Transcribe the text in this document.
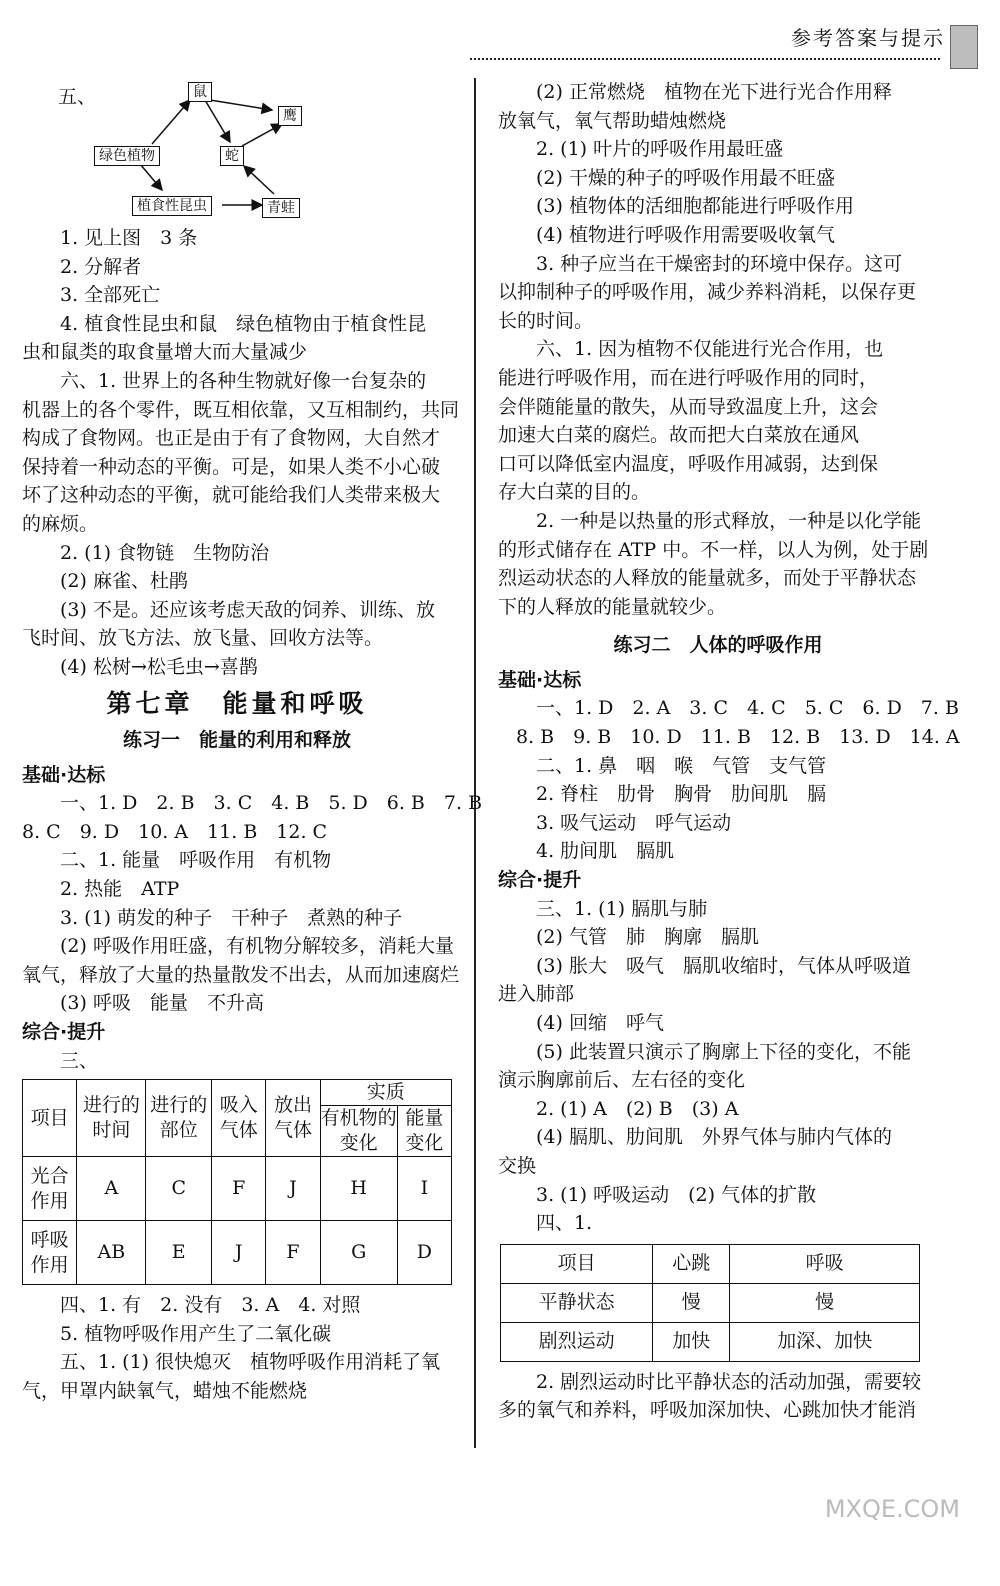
参考答案与提示
五、	鼠
鹰
蛇
绿色植物
植食性昆虫	青蛙
1. 见上图　3 条
2. 分解者
3. 全部死亡
4. 植食性昆虫和鼠　绿色植物由于植食性昆
虫和鼠类的取食量增大而大量减少
六、1. 世界上的各种生物就好像一台复杂的
机器上的各个零件，既互相依靠，又互相制约，共同
构成了食物网。也正是由于有了食物网，大自然才
保持着一种动态的平衡。可是，如果人类不小心破
坏了这种动态的平衡，就可能给我们人类带来极大
的麻烦。
2. (1) 食物链　生物防治
(2) 麻雀、杜鹃
(3) 不是。还应该考虑天敌的饲养、训练、放
飞时间、放飞方法、放飞量、回收方法等。
(4) 松树→松毛虫→喜鹊
第七章　能量和呼吸
练习一　能量的利用和释放
基础·达标
一、1. D　2. B　3. C　4. B　5. D　6. B　7. B
8. C　9. D　10. A　11. B　12. C
二、1. 能量　呼吸作用　有机物
2. 热能　ATP
3. (1) 萌发的种子　干种子　煮熟的种子
(2) 呼吸作用旺盛，有机物分解较多，消耗大量
氧气，释放了大量的热量散发不出去，从而加速腐烂
(3) 呼吸　能量　不升高
综合·提升
三、
项目	进行的时间	进行的部位	吸入气体	放出气体	实质	
					有机物的变化	能量变化
光合作用	A	C	F	J	H	I
呼吸作用	AB	E	J	F	G	D
四、1. 有　2. 没有　3. A　4. 对照
5. 植物呼吸作用产生了二氧化碳
五、1. (1) 很快熄灭　植物呼吸作用消耗了氧
气，甲罩内缺氧气，蜡烛不能燃烧
(2) 正常燃烧　植物在光下进行光合作用释
放氧气，氧气帮助蜡烛燃烧
2. (1) 叶片的呼吸作用最旺盛
(2) 干燥的种子的呼吸作用最不旺盛
(3) 植物体的活细胞都能进行呼吸作用
(4) 植物进行呼吸作用需要吸收氧气
3. 种子应当在干燥密封的环境中保存。这可
以抑制种子的呼吸作用，减少养料消耗，以保存更
长的时间。
六、1. 因为植物不仅能进行光合作用，也
能进行呼吸作用，而在进行呼吸作用的同时，
会伴随能量的散失，从而导致温度上升，这会
加速大白菜的腐烂。故而把大白菜放在通风
口可以降低室内温度，呼吸作用减弱，达到保
存大白菜的目的。
2. 一种是以热量的形式释放，一种是以化学能
的形式储存在 ATP 中。不一样，以人为例，处于剧
烈运动状态的人释放的能量就多，而处于平静状态
下的人释放的能量就较少。
练习二　人体的呼吸作用
基础·达标
一、1. D　2. A　3. C　4. C　5. C　6. D　7. B
8. B　9. B　10. D　11. B　12. B　13. D　14. A
二、1. 鼻　咽　喉　气管　支气管
2. 脊柱　肋骨　胸骨　肋间肌　膈
3. 吸气运动　呼气运动
4. 肋间肌　膈肌
综合·提升
三、1. (1) 膈肌与肺
(2) 气管　肺　胸廓　膈肌
(3) 胀大　吸气　膈肌收缩时，气体从呼吸道
进入肺部
(4) 回缩　呼气
(5) 此装置只演示了胸廓上下径的变化，不能
演示胸廓前后、左右径的变化
2. (1) A　(2) B　(3) A
(4) 膈肌、肋间肌　外界气体与肺内气体的
交换
3. (1) 呼吸运动　(2) 气体的扩散
四、1.
项目	心跳	呼吸
平静状态	慢	慢
剧烈运动	加快	加深、加快
2. 剧烈运动时比平静状态的活动加强，需要较
多的氧气和养料，呼吸加深加快、心跳加快才能消
MXQE.COM
